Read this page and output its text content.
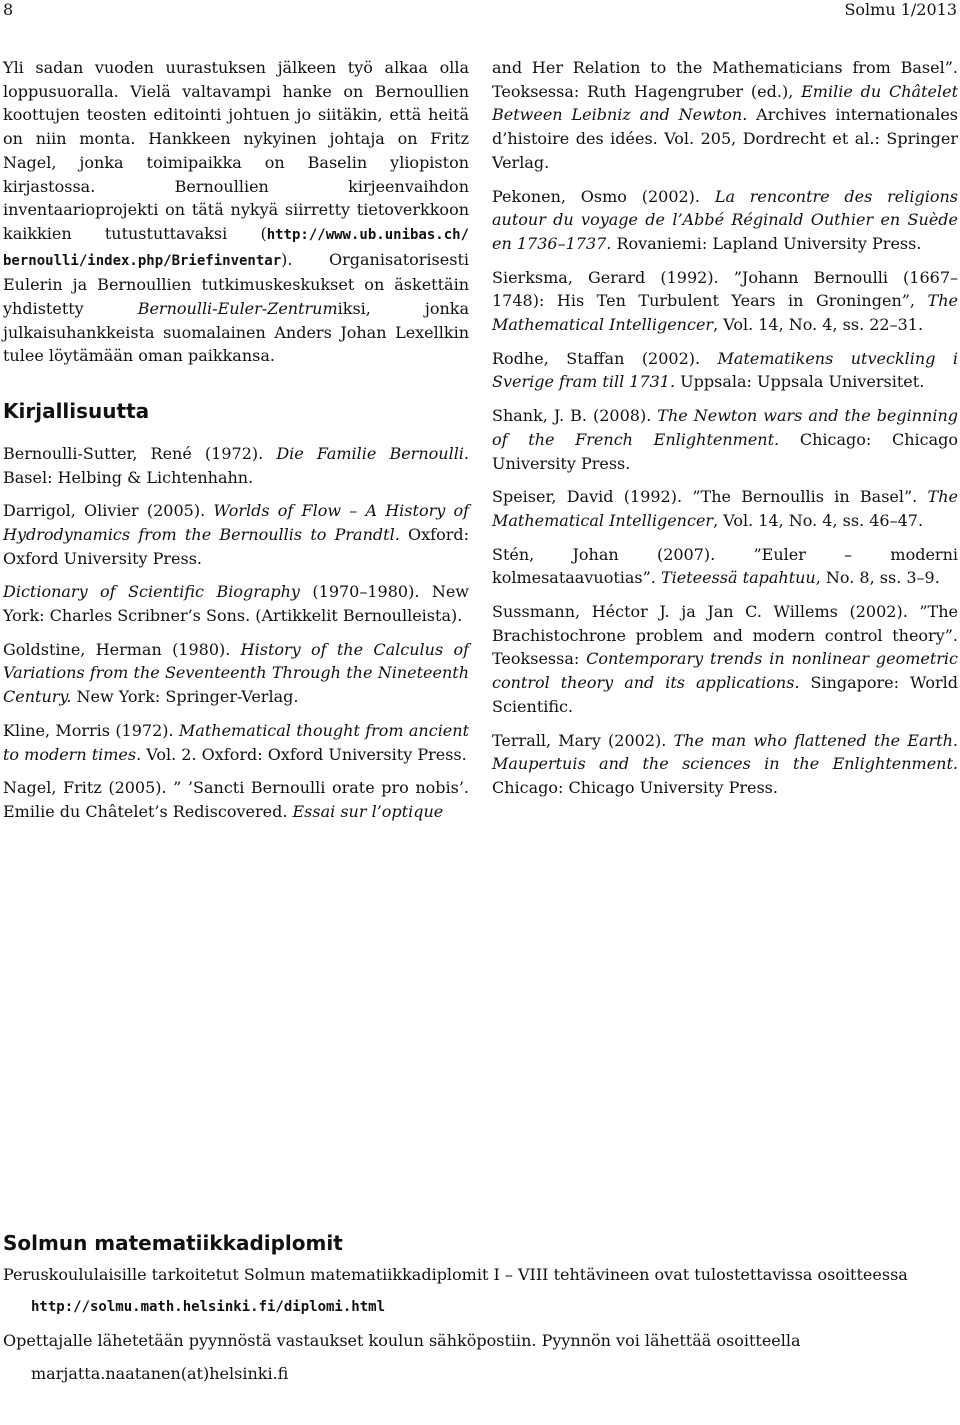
8	Solmu 1/2013

Yli sadan vuoden uurastuksen jälkeen työ alkaa olla loppusuoralla. Vielä valtavampi hanke on Bernoullien koottujen teosten editointi johtuen jo siitäkin, että heitä on niin monta. Hankkeen nykyinen johtaja on Fritz Nagel, jonka toimipaikka on Baselin yliopiston kirjastossa. Bernoullien kirjeenvaihdon inventaarioprojekti on tätä nykyä siirretty tietoverkkoon kaikkien tutustuttavaksi (http://www.ub.unibas.ch/ bernoulli/index.php/Briefinventar). Organisatorisesti Eulerin ja Bernoullien tutkimuskeskukset on äskettäin yhdistetty Bernoulli-Euler-Zentrumiksi, jonka julkaisuhankkeista suomalainen Anders Johan Lexellkin tulee löytämään oman paikkansa.

Kirjallisuutta

Bernoulli-Sutter, René (1972). Die Familie Bernoulli. Basel: Helbing & Lichtenhahn.

Darrigol, Olivier (2005). Worlds of Flow – A History of Hydrodynamics from the Bernoullis to Prandtl. Oxford: Oxford University Press.

Dictionary of Scientific Biography (1970–1980). New York: Charles Scribner’s Sons. (Artikkelit Bernoulleista).

Goldstine, Herman (1980). History of the Calculus of Variations from the Seventeenth Through the Nineteenth Century. New York: Springer-Verlag.

Kline, Morris (1972). Mathematical thought from ancient to modern times. Vol. 2. Oxford: Oxford University Press.

Nagel, Fritz (2005). ” ’Sancti Bernoulli orate pro nobis’. Emilie du Châtelet’s Rediscovered. Essai sur l’optique

and Her Relation to the Mathematicians from Basel”. Teoksessa: Ruth Hagengruber (ed.), Emilie du Châtelet Between Leibniz and Newton. Archives internationales d’histoire des idées. Vol. 205, Dordrecht et al.: Springer Verlag.

Pekonen, Osmo (2002). La rencontre des religions autour du voyage de l’Abbé Réginald Outhier en Suède en 1736–1737. Rovaniemi: Lapland University Press.

Sierksma, Gerard (1992). ”Johann Bernoulli (1667–1748): His Ten Turbulent Years in Groningen”, The Mathematical Intelligencer, Vol. 14, No. 4, ss. 22–31.

Rodhe, Staffan (2002). Matematikens utveckling i Sverige fram till 1731. Uppsala: Uppsala Universitet.

Shank, J. B. (2008). The Newton wars and the beginning of the French Enlightenment. Chicago: Chicago University Press.

Speiser, David (1992). ”The Bernoullis in Basel”. The Mathematical Intelligencer, Vol. 14, No. 4, ss. 46–47.

Stén, Johan (2007). ”Euler – moderni kolmesataavuotias”. Tieteessä tapahtuu, No. 8, ss. 3–9.

Sussmann, Héctor J. ja Jan C. Willems (2002). ”The Brachistochrone problem and modern control theory”. Teoksessa: Contemporary trends in nonlinear geometric control theory and its applications. Singapore: World Scientific.

Terrall, Mary (2002). The man who flattened the Earth. Maupertuis and the sciences in the Enlightenment. Chicago: Chicago University Press.

Solmun matematiikkadiplomit
Peruskoululaisille tarkoitetut Solmun matematiikkadiplomit I – VIII tehtävineen ovat tulostettavissa osoitteessa
http://solmu.math.helsinki.fi/diplomi.html
Opettajalle lähetetään pyynnöstä vastaukset koulun sähköpostiin. Pyynnön voi lähettää osoitteella
marjatta.naatanen(at)helsinki.fi
